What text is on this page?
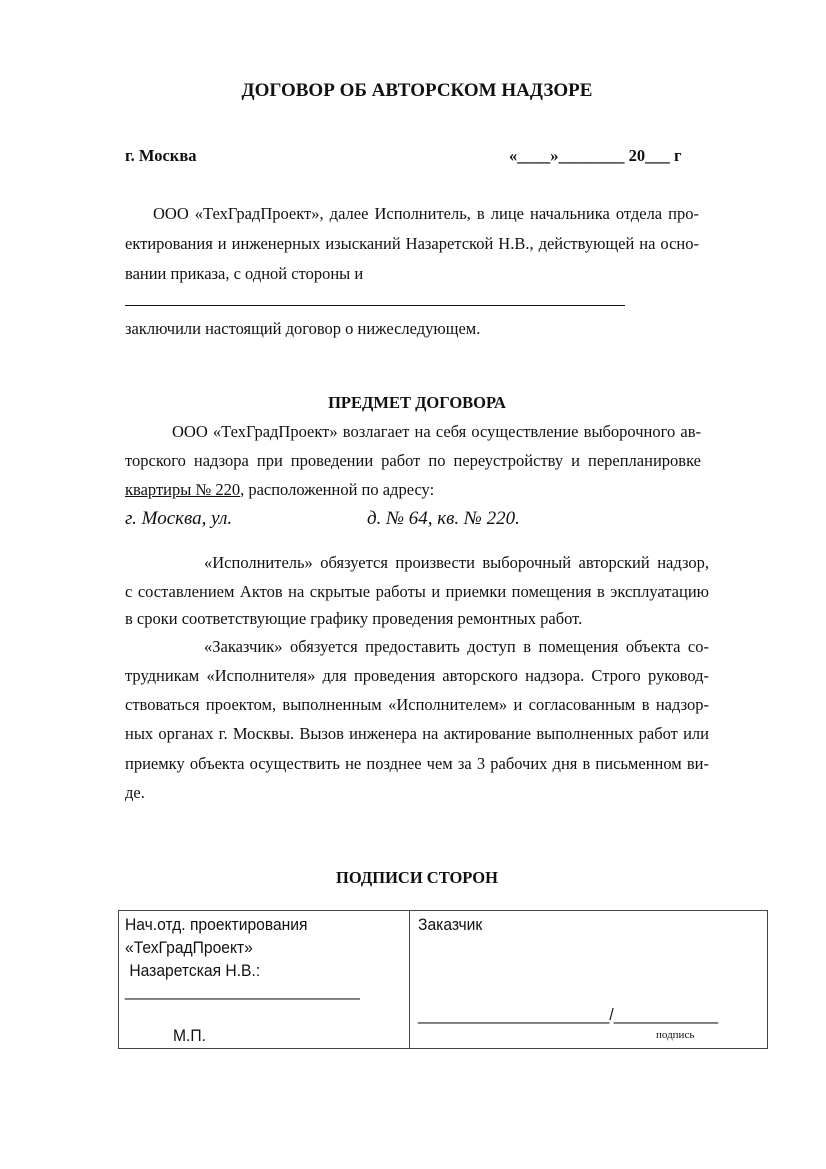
ДОГОВОР ОБ АВТОРСКОМ НАДЗОРЕ
г. Москва	«____»________ 20___ г
ООО «ТехГрадПроект», далее Исполнитель, в лице начальника отдела про-
ектирования и инженерных изысканий Назаретской Н.В., действующей на осно-
вании приказа, с одной стороны и
заключили настоящий договор о нижеследующем.
ПРЕДМЕТ ДОГОВОРА
ООО «ТехГрадПроект» возлагает на себя осуществление выборочного ав-
торского надзора при проведении работ по переустройству и перепланировке
квартиры № 220, расположенной по адресу:
г. Москва, ул.	д. № 64, кв. № 220.
«Исполнитель» обязуется произвести выборочный авторский надзор,
с составлением Актов на скрытые работы и приемки помещения в эксплуатацию
в сроки соответствующие графику проведения ремонтных работ.
«Заказчик» обязуется предоставить доступ в помещения объекта со-
трудникам «Исполнителя» для проведения авторского надзора. Строго руковод-
ствоваться проектом, выполненным «Исполнителем» и согласованным в надзор-
ных органах г. Москвы. Вызов инженера на актирование выполненных работ или
приемку объекта осуществить не позднее чем за 3 рабочих дня в письменном ви-
де.
ПОДПИСИ СТОРОН
Нач.отд. проектирования
«ТехГрадПроект»
Назаретская Н.В.:
___________________________
М.П.
Заказчик
______________________/____________
подпись
